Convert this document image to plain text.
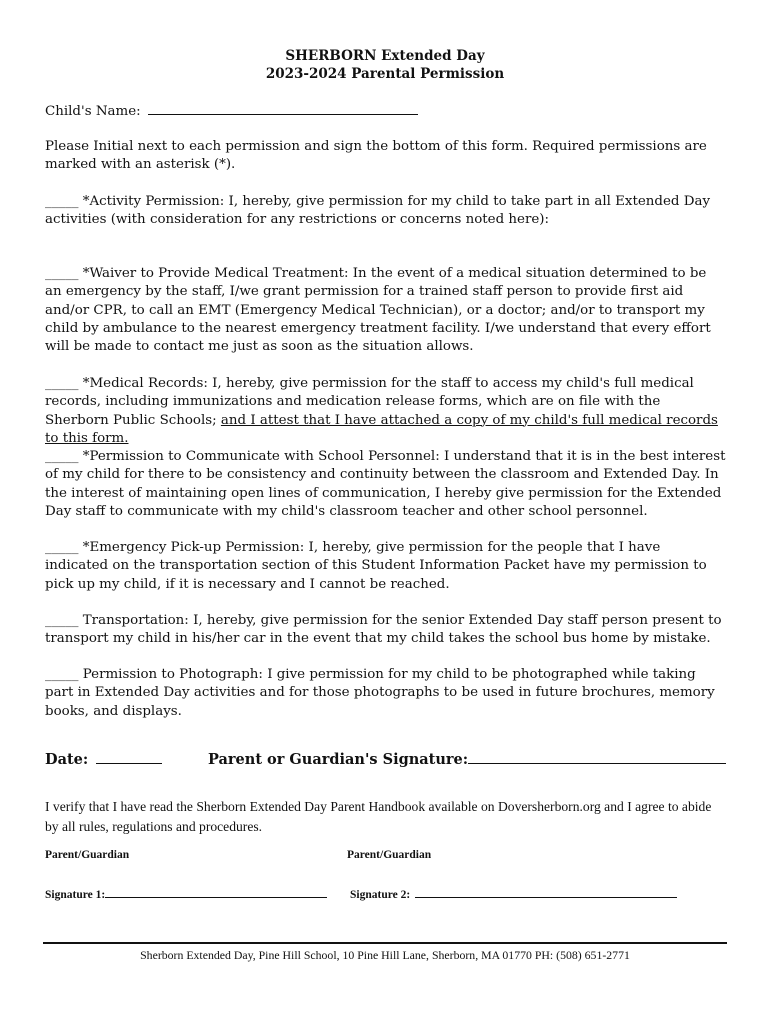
SHERBORN Extended Day
2023-2024 Parental Permission
Child's Name:
Please Initial next to each permission and sign the bottom of this form. Required permissions are marked with an asterisk (*).
_____ *Activity Permission: I, hereby, give permission for my child to take part in all Extended Day activities (with consideration for any restrictions or concerns noted here):
_____ *Waiver to Provide Medical Treatment: In the event of a medical situation determined to be an emergency by the staff, I/we grant permission for a trained staff person to provide first aid and/or CPR, to call an EMT (Emergency Medical Technician), or a doctor; and/or to transport my child by ambulance to the nearest emergency treatment facility. I/we understand that every effort will be made to contact me just as soon as the situation allows.
_____ *Medical Records: I, hereby, give permission for the staff to access my child's full medical records, including immunizations and medication release forms, which are on file with the Sherborn Public Schools; and I attest that I have attached a copy of my child's full medical records to this form.
_____ *Permission to Communicate with School Personnel: I understand that it is in the best interest of my child for there to be consistency and continuity between the classroom and Extended Day. In the interest of maintaining open lines of communication, I hereby give permission for the Extended Day staff to communicate with my child's classroom teacher and other school personnel.
_____ *Emergency Pick-up Permission: I, hereby, give permission for the people that I have indicated on the transportation section of this Student Information Packet have my permission to pick up my child, if it is necessary and I cannot be reached.
_____ Transportation: I, hereby, give permission for the senior Extended Day staff person present to transport my child in his/her car in the event that my child takes the school bus home by mistake.
_____ Permission to Photograph: I give permission for my child to be photographed while taking part in Extended Day activities and for those photographs to be used in future brochures, memory books, and displays.
Date:	Parent or Guardian's Signature:
I verify that I have read the Sherborn Extended Day Parent Handbook available on Doversherborn.org and I agree to abide by all rules, regulations and procedures.
Parent/Guardian	Parent/Guardian
Signature 1:	Signature 2:
Sherborn Extended Day, Pine Hill School, 10 Pine Hill Lane, Sherborn, MA 01770 PH: (508) 651-2771
